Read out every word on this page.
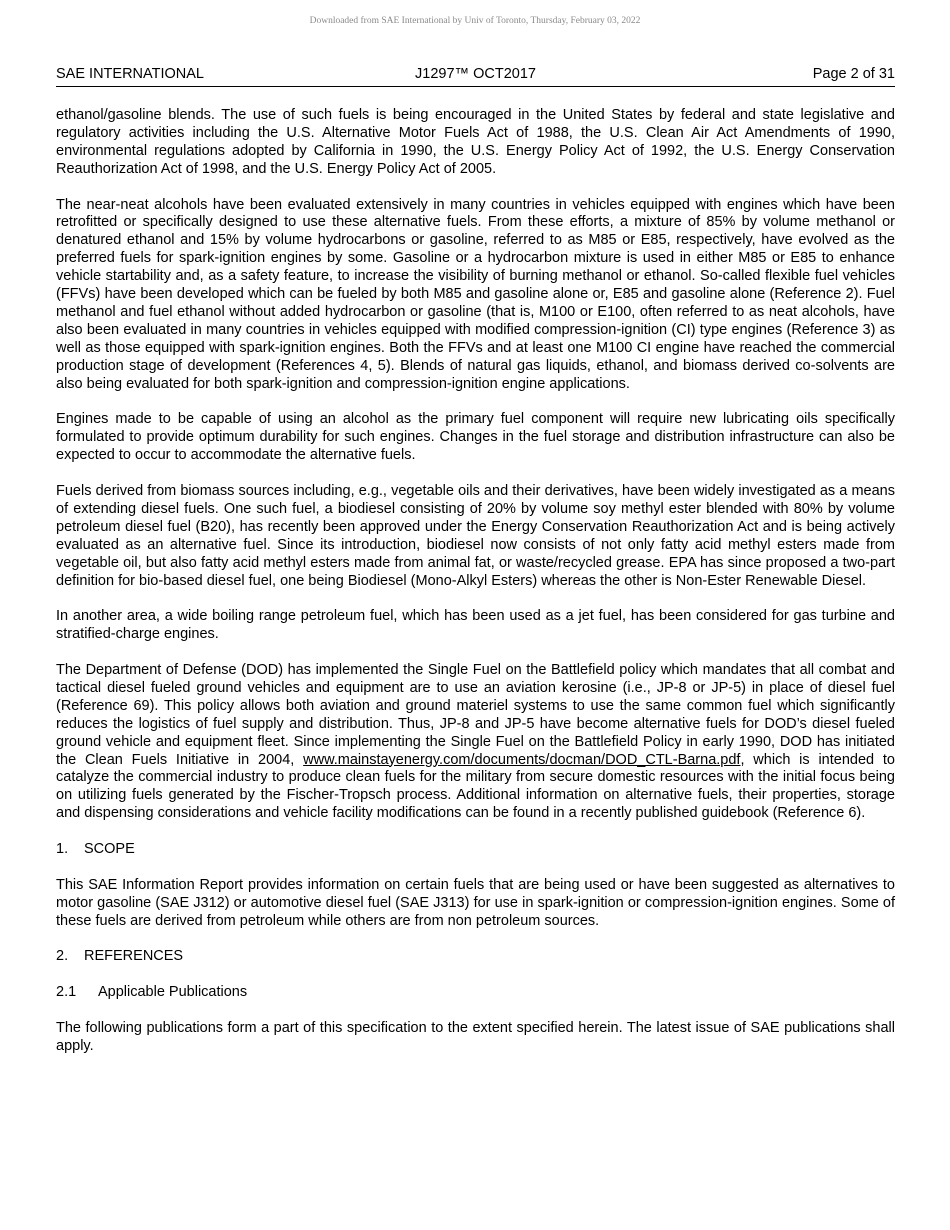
Downloaded from SAE International by Univ of Toronto, Thursday, February 03, 2022
J1297™ OCT2017
SAE INTERNATIONAL	Page 2 of 31

ethanol/gasoline blends. The use of such fuels is being encouraged in the United States by federal and state legislative and regulatory activities including the U.S. Alternative Motor Fuels Act of 1988, the U.S. Clean Air Act Amendments of 1990, environmental regulations adopted by California in 1990, the U.S. Energy Policy Act of 1992, the U.S. Energy Conservation Reauthorization Act of 1998, and the U.S. Energy Policy Act of 2005.

The near-neat alcohols have been evaluated extensively in many countries in vehicles equipped with engines which have been retrofitted or specifically designed to use these alternative fuels. From these efforts, a mixture of 85% by volume methanol or denatured ethanol and 15% by volume hydrocarbons or gasoline, referred to as M85 or E85, respectively, have evolved as the preferred fuels for spark-ignition engines by some. Gasoline or a hydrocarbon mixture is used in either M85 or E85 to enhance vehicle startability and, as a safety feature, to increase the visibility of burning methanol or ethanol. So-called flexible fuel vehicles (FFVs) have been developed which can be fueled by both M85 and gasoline alone or, E85 and gasoline alone (Reference 2). Fuel methanol and fuel ethanol without added hydrocarbon or gasoline (that is, M100 or E100, often referred to as neat alcohols, have also been evaluated in many countries in vehicles equipped with modified compression-ignition (CI) type engines (Reference 3) as well as those equipped with spark-ignition engines. Both the FFVs and at least one M100 CI engine have reached the commercial production stage of development (References 4, 5). Blends of natural gas liquids, ethanol, and biomass derived co-solvents are also being evaluated for both spark-ignition and compression-ignition engine applications.

Engines made to be capable of using an alcohol as the primary fuel component will require new lubricating oils specifically formulated to provide optimum durability for such engines. Changes in the fuel storage and distribution infrastructure can also be expected to occur to accommodate the alternative fuels.

Fuels derived from biomass sources including, e.g., vegetable oils and their derivatives, have been widely investigated as a means of extending diesel fuels. One such fuel, a biodiesel consisting of 20% by volume soy methyl ester blended with 80% by volume petroleum diesel fuel (B20), has recently been approved under the Energy Conservation Reauthorization Act and is being actively evaluated as an alternative fuel. Since its introduction, biodiesel now consists of not only fatty acid methyl esters made from vegetable oil, but also fatty acid methyl esters made from animal fat, or waste/recycled grease. EPA has since proposed a two-part definition for bio-based diesel fuel, one being Biodiesel (Mono-Alkyl Esters) whereas the other is Non-Ester Renewable Diesel.

In another area, a wide boiling range petroleum fuel, which has been used as a jet fuel, has been considered for gas turbine and stratified-charge engines.

The Department of Defense (DOD) has implemented the Single Fuel on the Battlefield policy which mandates that all combat and tactical diesel fueled ground vehicles and equipment are to use an aviation kerosine (i.e., JP-8 or JP-5) in place of diesel fuel (Reference 69). This policy allows both aviation and ground materiel systems to use the same common fuel which significantly reduces the logistics of fuel supply and distribution. Thus, JP-8 and JP-5 have become alternative fuels for DOD’s diesel fueled ground vehicle and equipment fleet. Since implementing the Single Fuel on the Battlefield Policy in early 1990, DOD has initiated the Clean Fuels Initiative in 2004, www.mainstayenergy.com/documents/docman/DOD_CTL-Barna.pdf, which is intended to catalyze the commercial industry to produce clean fuels for the military from secure domestic resources with the initial focus being on utilizing fuels generated by the Fischer-Tropsch process. Additional information on alternative fuels, their properties, storage and dispensing considerations and vehicle facility modifications can be found in a recently published guidebook (Reference 6).

1. SCOPE

This SAE Information Report provides information on certain fuels that are being used or have been suggested as alternatives to motor gasoline (SAE J312) or automotive diesel fuel (SAE J313) for use in spark-ignition or compression-ignition engines. Some of these fuels are derived from petroleum while others are from non petroleum sources.

2. REFERENCES
2.1 Applicable Publications

The following publications form a part of this specification to the extent specified herein. The latest issue of SAE publications shall apply.
